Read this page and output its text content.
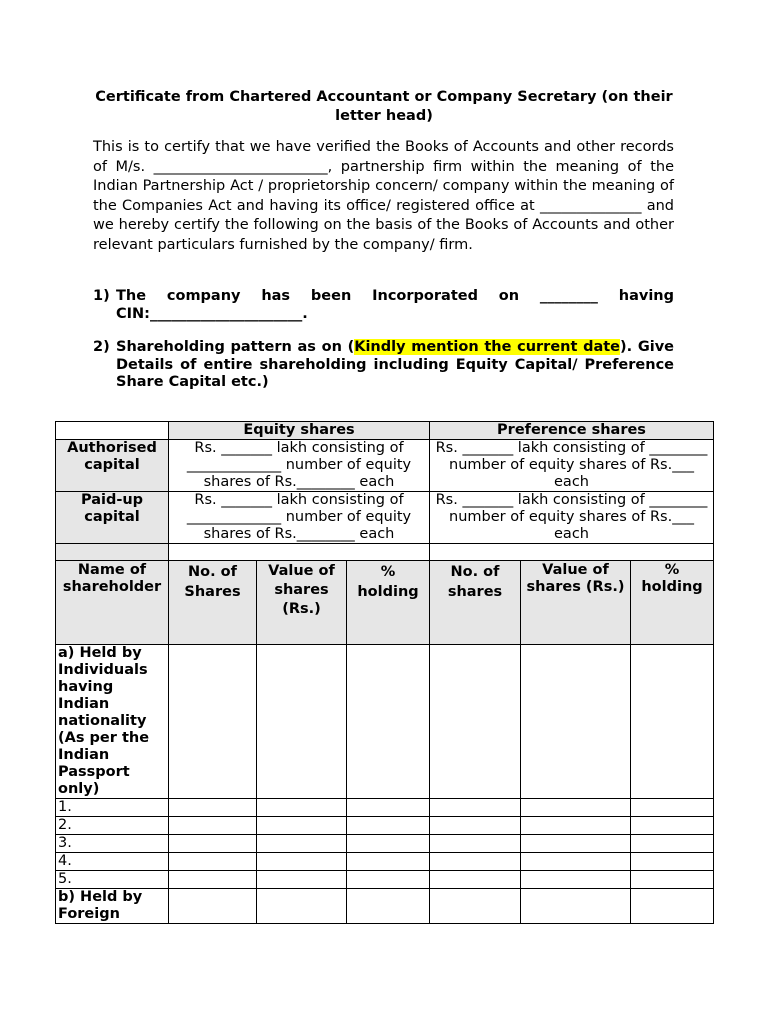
Certificate from Chartered Accountant or Company Secretary (on their letter head)
This is to certify that we have verified the Books of Accounts and other records of M/s. ________________________, partnership firm within the meaning of the Indian Partnership Act / proprietorship concern/ company within the meaning of the Companies Act and having its office/ registered office at ______________ and we hereby certify the following on the basis of the Books of Accounts and other relevant particulars furnished by the company/ firm.
1) The company has been Incorporated on ________ having CIN:_____________________.
2) Shareholding pattern as on (Kindly mention the current date). Give Details of entire shareholding including Equity Capital/ Preference Share Capital etc.)
	Equity shares			Preference shares		
Authorised capital	Rs. _______ lakh consisting of _____________ number of equity shares of Rs.________ each			Rs. _______ lakh consisting of ________ number of equity shares of Rs.___ each		
Paid-up capital	Rs. _______ lakh consisting of _____________ number of equity shares of Rs.________ each			Rs. _______ lakh consisting of ________ number of equity shares of Rs.___ each		

Name of shareholder	No. of Shares	Value of shares (Rs.)	% holding	No. of shares	Value of shares (Rs.)	% holding
a) Held by Individuals having Indian nationality (As per the Indian Passport only)						
1.						
2.						
3.						
4.						
5.						
b) Held by Foreign						
